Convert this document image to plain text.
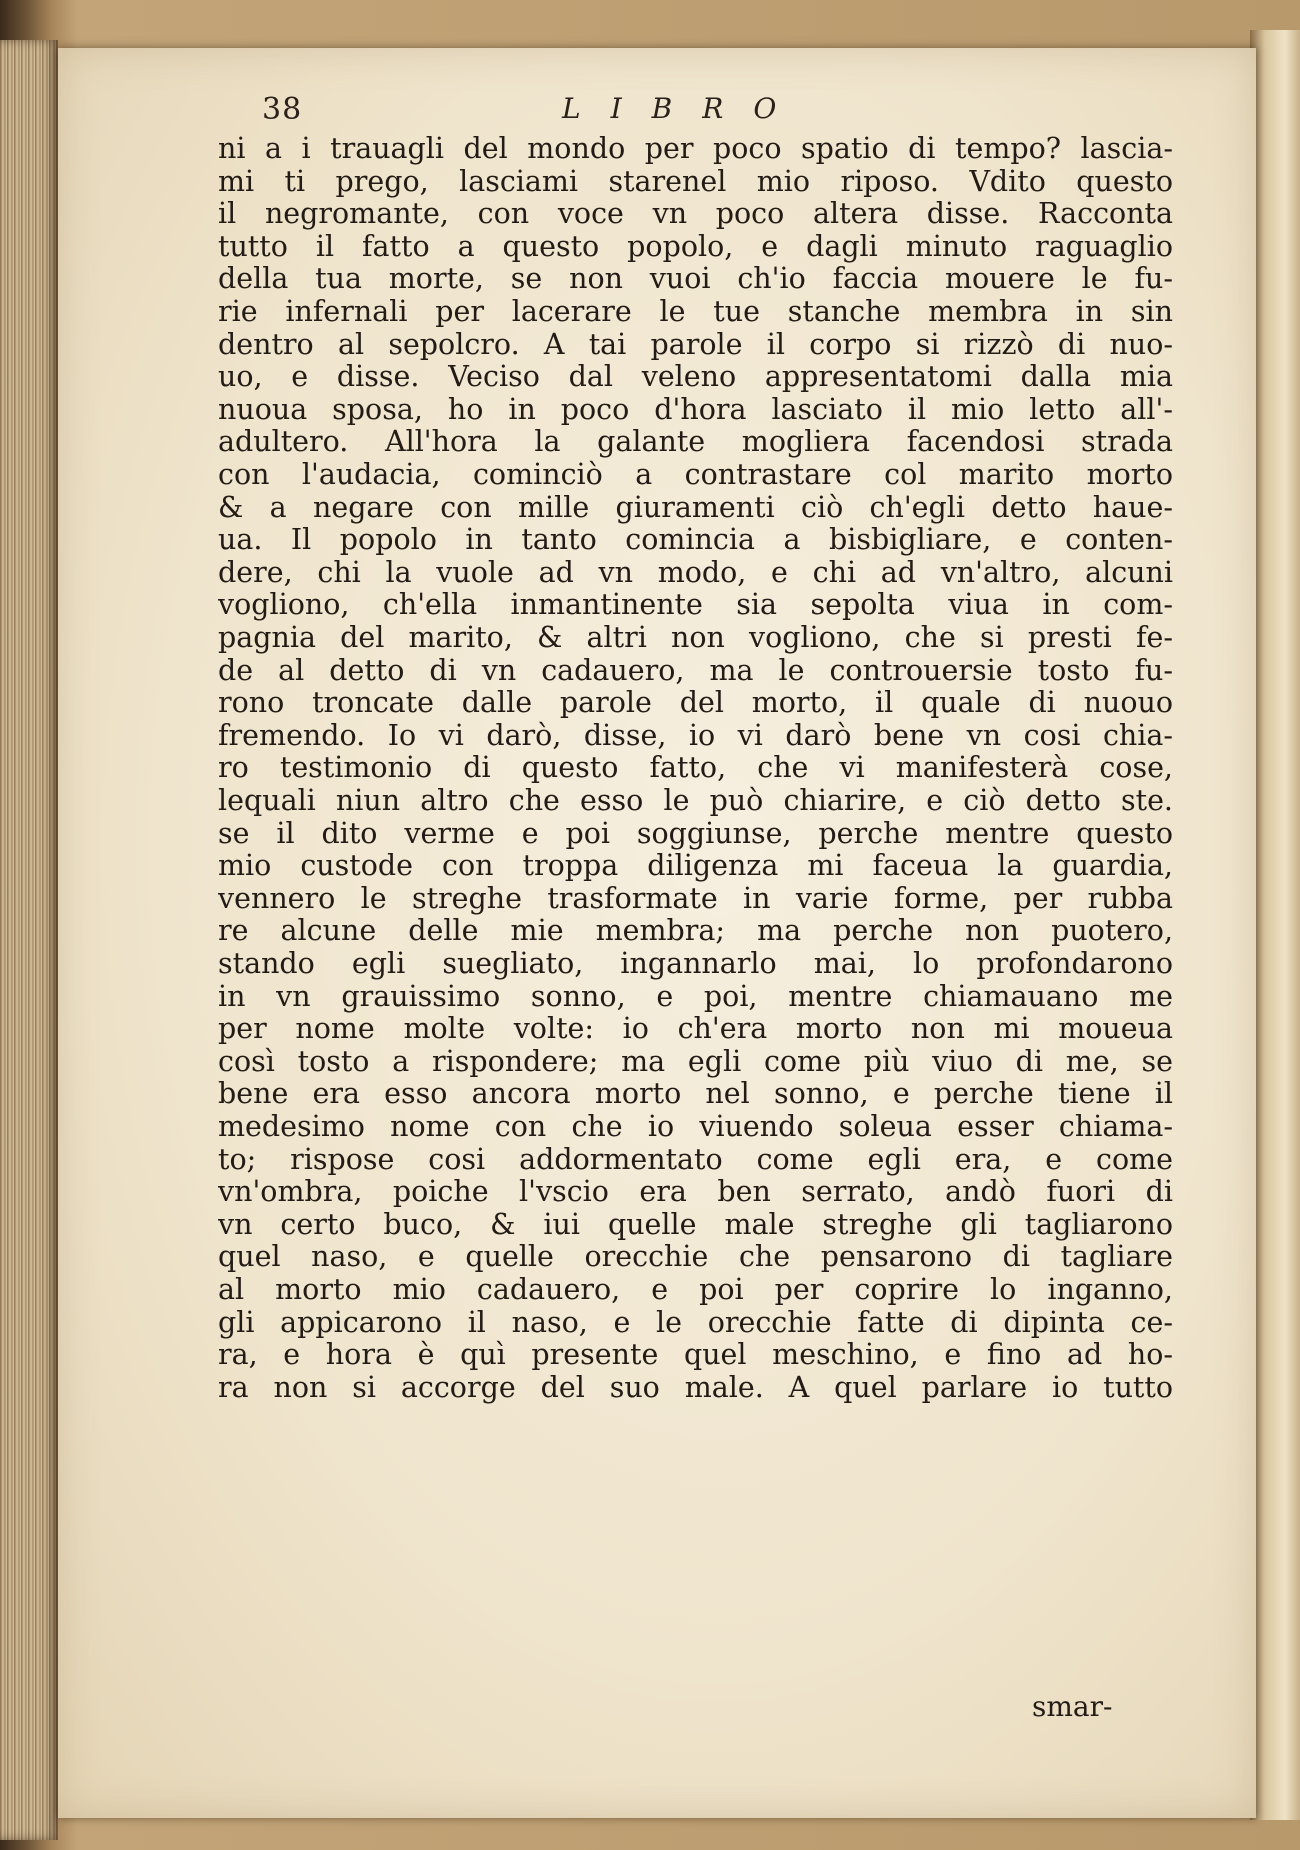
38	LIBRO
ni a i trauagli del mondo per poco spatio di tempo? lascia-
mi ti prego, lasciami starenel mio riposo. Vdito questo
il negromante, con voce vn poco altera disse. Racconta
tutto il fatto a questo popolo, e dagli minuto raguaglio
della tua morte, se non vuoi ch'io faccia mouere le fu-
rie infernali per lacerare le tue stanche membra in sin
dentro al sepolcro. A tai parole il corpo si rizzò di nuo-
uo, e disse. Veciso dal veleno appresentatomi dalla mia
nuoua sposa, ho in poco d'hora lasciato il mio letto all'-
adultero. All'hora la galante mogliera facendosi strada
con l'audacia, cominciò a contrastare col marito morto
& a negare con mille giuramenti ciò ch'egli detto haue-
ua. Il popolo in tanto comincia a bisbigliare, e conten-
dere, chi la vuole ad vn modo, e chi ad vn'altro, alcuni
vogliono, ch'ella inmantinente sia sepolta viua in com-
pagnia del marito, & altri non vogliono, che si presti fe-
de al detto di vn cadauero, ma le controuersie tosto fu-
rono troncate dalle parole del morto, il quale di nuouo
fremendo. Io vi darò, disse, io vi darò bene vn cosi chia-
ro testimonio di questo fatto, che vi manifesterà cose,
lequali niun altro che esso le può chiarire, e ciò detto ste.
se il dito verme e poi soggiunse, perche mentre questo
mio custode con troppa diligenza mi faceua la guardia,
vennero le streghe trasformate in varie forme, per rubba
re alcune delle mie membra; ma perche non puotero,
stando egli suegliato, ingannarlo mai, lo profondarono
in vn grauissimo sonno, e poi, mentre chiamauano me
per nome molte volte: io ch'era morto non mi moueua
così tosto a rispondere; ma egli come più viuo di me, se
bene era esso ancora morto nel sonno, e perche tiene il
medesimo nome con che io viuendo soleua esser chiama-
to; rispose cosi addormentato come egli era, e come
vn'ombra, poiche l'vscio era ben serrato, andò fuori di
vn certo buco, & iui quelle male streghe gli tagliarono
quel naso, e quelle orecchie che pensarono di tagliare
al morto mio cadauero, e poi per coprire lo inganno,
gli appicarono il naso, e le orecchie fatte di dipinta ce-
ra, e hora è quì presente quel meschino, e fino ad ho-
ra non si accorge del suo male. A quel parlare io tutto
smar-
